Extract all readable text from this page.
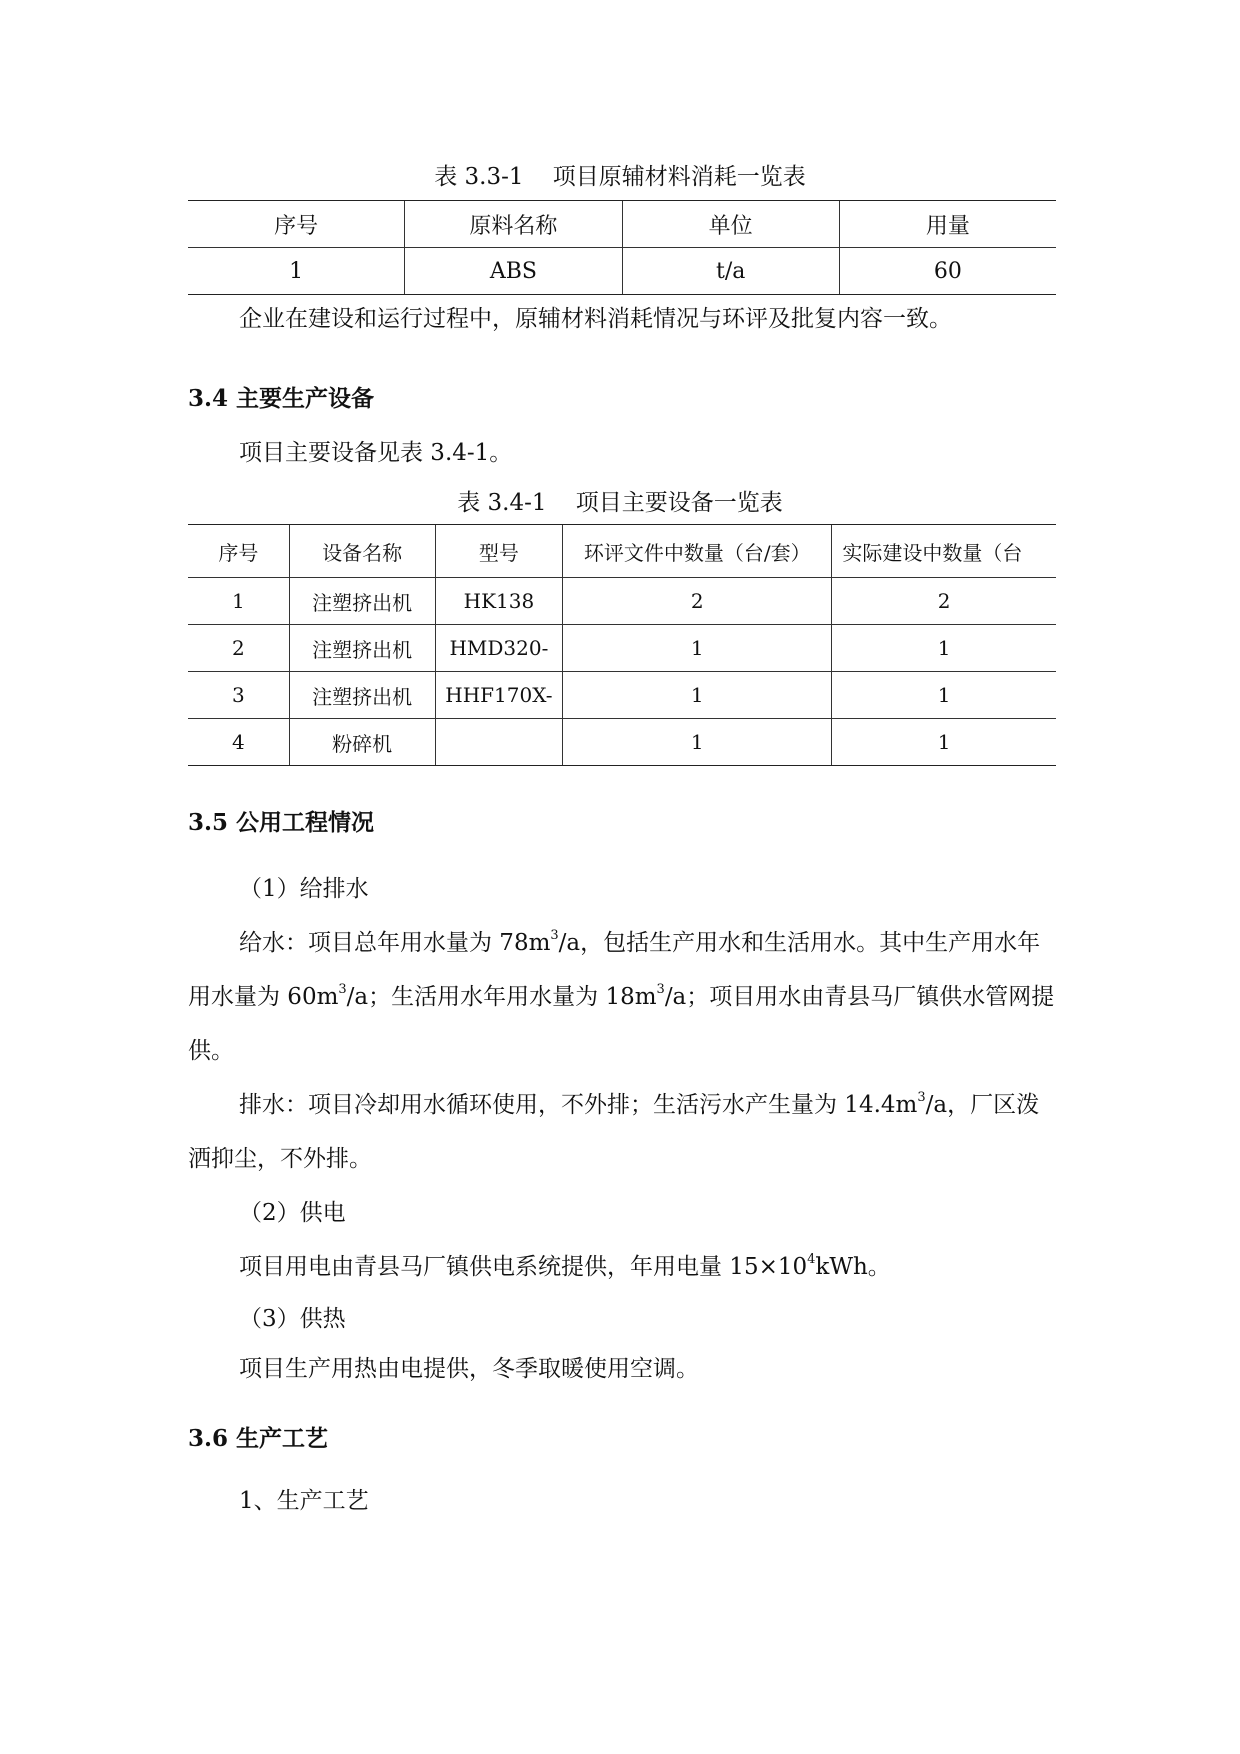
表 3.3-1    项目原辅材料消耗一览表
序号	原料名称	单位	用量
1	ABS	t/a	60
企业在建设和运行过程中，原辅材料消耗情况与环评及批复内容一致。
3.4 主要生产设备
项目主要设备见表 3.4-1。
表 3.4-1    项目主要设备一览表
序号	设备名称	型号	环评文件中数量（台/套）	实际建设中数量（台
1	注塑挤出机	HK138	2	2
2	注塑挤出机	HMD320-	1	1
3	注塑挤出机	HHF170X-	1	1
4	粉碎机		1	1
3.5 公用工程情况
（1）给排水
给水：项目总年用水量为 $78m^3/a$，包括生产用水和生活用水。其中生产用水年用水量为 $60m^3/a$；生活用水年用水量为 $18m^3/a$；项目用水由青县马厂镇供水管网提供。
排水：项目冷却用水循环使用，不外排；生活污水产生量为 $14.4m^3/a$，厂区泼洒抑尘，不外排。
（2）供电
项目用电由青县马厂镇供电系统提供，年用电量 $15\times 10^4kWh$。
（3）供热
项目生产用热由电提供，冬季取暖使用空调。
3.6 生产工艺
1、生产工艺
